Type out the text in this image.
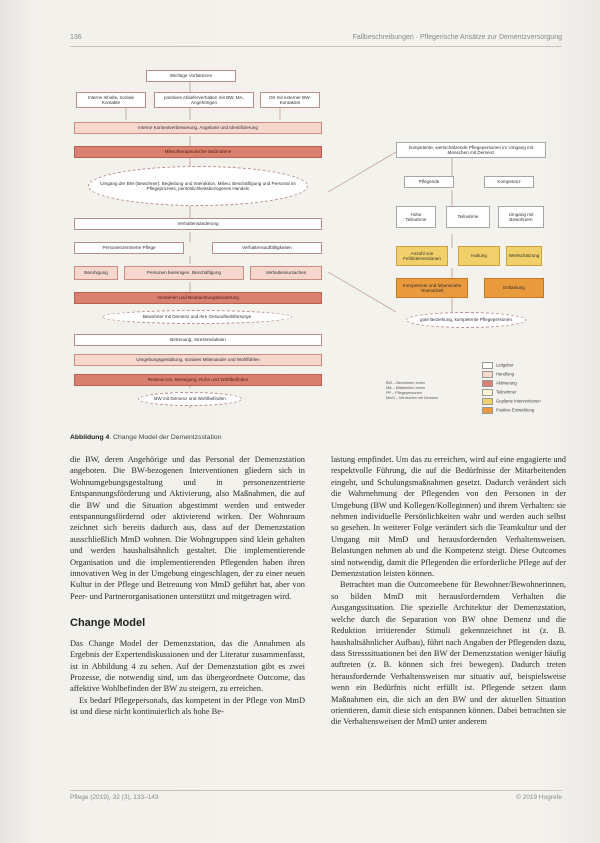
136	Fallbeschreibungen · Pflegerische Ansätze zur Dementzversorgung
Wichtige Vorfaktoren
Interne Inhalte, soziale Kontakte
positives Ablieferverhalten mit BW, MA, Angehörigen
Ort mit externer BW-Kontakten
Interne Kontextverbesserung, Angebote und Identifizierung
Milieutherapeutische Maßnahme
Umgang der BW (Bewohner): Begleitung und Interaktion, Milieu; Beschäftigung und Personal im Pflegeprozess, persönlichkeitsbezogenes Handeln
Verhaltensänderung
Personenzentrierte Pflege	Verhaltensauffälligkeiten
Beruhigung	Personen bereinigen, Beschäftigung	Verhaltensursachen
Verstehen und Beobachtungsbewertung
Bewohner mit Demenz und ihre Gesundheitsfürsorge
Betreuung, Stressreduktion
Umgebungsgestaltung, soziales Miteinander und Wohlfühlen
Ressourcen, Bewegung, Ruhe und Wohlbefinden
BW mit Demenz und Wohlbefinden
kompetente, wertschätzende Pflegepersonen im Umgang mit Menschen mit Demenz
Pflegende	Kompetenz
Hohe Teilnahme
Teilnahme
Umgang mit Bewohnern
Anzahl von Fehlinterventionen
Haltung	Wertschätzung
Kompetente und lebensnahe Teamarbeit
Entlastung
gute Beziehung, kompetente Pflegepersonen
BW – Bewohner/-innen
MA – Mitarbeiter/-innen
PP – Pflegepersonen
MmD – Menschen mit Demenz
Leitgeber
Handlung
Aktivierung
Teilnehmer
Geplante Interventionen
Positive Entwicklung
Abbildung 4. Change Model der Dementzsstation

die BW, deren Angehörige und das Personal der Demenzstation angeboten. Die BW-bezogenen Interventionen gliedern sich in Wohnumgebungsgestaltung und in personenzentrierte Entspannungsförderung und Aktivierung, also Maßnahmen, die auf die BW und die Situation abgestimmt werden und entweder entspannungsfördernd oder aktivierend wirken. Der Wohnraum zeichnet sich bereits dadurch aus, dass auf der Demenzstation ausschließlich MmD wohnen. Die Wohngruppen sind klein gehalten und werden haushaltsähnlich gestaltet. Die implementierende Organisation und die implementierenden Pflegenden haben ihren innovativen Weg in der Umgebung eingeschlagen, der zu einer neuen Kultur in der Pflege und Betreuung von MmD geführt hat, aber von Peer- und Partnerorganisationen unterstützt und mitgetragen wird.

Change Model

Das Change Model der Demenzstation, das die Annahmen als Ergebnis der Expertendiskussionen und der Literatur zusammenfasst, ist in Abbildung 4 zu sehen. Auf der Demenzstation gibt es zwei Prozesse, die notwendig sind, um das übergeordnete Outcome, das affektive Wohlbefinden der BW zu steigern, zu erreichen.

Es bedarf Pflegepersonals, das kompetent in der Pflege von MmD ist und diese nicht kontinuierlich als hohe Be-

lastung empfindet. Um das zu erreichen, wird auf eine engagierte und respektvolle Führung, die auf die Bedürfnisse der Mitarbeitenden eingeht, und Schulungsmaßnahmen gesetzt. Dadurch verändert sich die Wahrnehmung der Pflegenden von den Personen in der Umgebung (BW und Kollegen/Kolleginnen) und ihrem Verhalten: sie nehmen individuelle Persönlichkeiten wahr und werden auch selbst so gesehen. In weiterer Folge verändert sich die Teamkultur und der Umgang mit MmD und herausfordernden Verhaltensweisen. Belastungen nehmen ab und die Kompetenz steigt. Diese Outcomes sind notwendig, damit die Pflegenden die erforderliche Pflege auf der Demenzstation leisten können.

Betrachtet man die Outcomeebene für Bewohner/Bewohnerinnen, so bilden MmD mit herausforderndem Verhalten die Ausgangssituation. Die spezielle Architektur der Demenzstation, welche durch die Separation von BW ohne Demenz und die Reduktion irritierender Stimuli gekennzeichnet ist (z. B. haushaltsähnlicher Aufbau), führt nach Angaben der Pflegenden dazu, dass Stresssituationen bei den BW der Demenzstation weniger häufig auftreten (z. B. können sich frei bewegen). Dadurch treten herausfordernde Verhaltensweisen nur situativ auf, beispielsweise wenn ein Bedürfnis nicht erfüllt ist. Pflegende setzen dann Maßnahmen ein, die sich an den BW und der aktuellen Situation orientieren, damit diese sich entspannen können. Dabei betrachten sie die Verhaltensweisen der MmD unter anderem

Pflege (2019), 32 (3), 133–143	© 2019 Hogrefe
